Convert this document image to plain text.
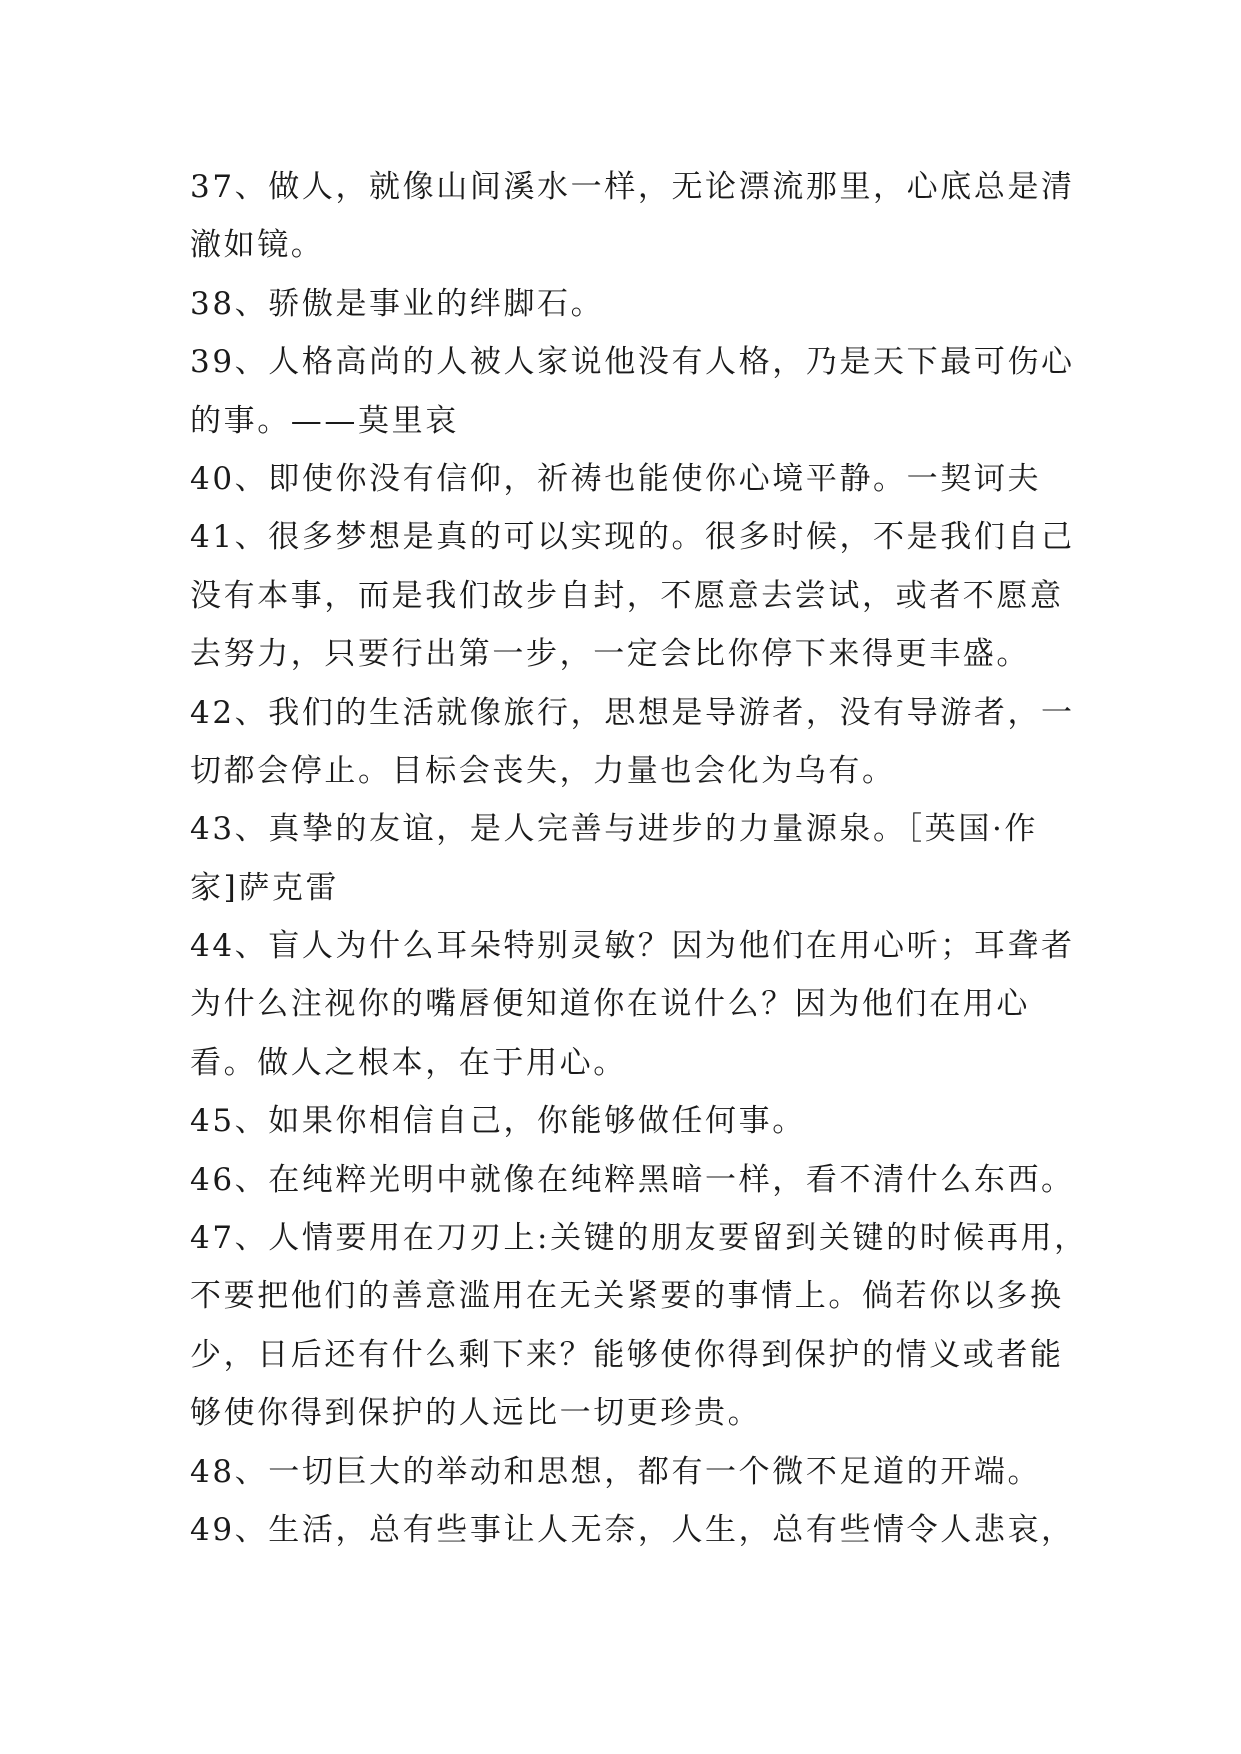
37、做人，就像山间溪水一样，无论漂流那里，心底总是清
澈如镜。
38、骄傲是事业的绊脚石。
39、人格高尚的人被人家说他没有人格，乃是天下最可伤心
的事。——莫里哀
40、即使你没有信仰，祈祷也能使你心境平静。一契诃夫
41、很多梦想是真的可以实现的。很多时候，不是我们自己
没有本事，而是我们故步自封，不愿意去尝试，或者不愿意
去努力，只要行出第一步，一定会比你停下来得更丰盛。
42、我们的生活就像旅行，思想是导游者，没有导游者，一
切都会停止。目标会丧失，力量也会化为乌有。
43、真挚的友谊，是人完善与进步的力量源泉。［英国·作
家]萨克雷
44、盲人为什么耳朵特别灵敏？因为他们在用心听；耳聋者
为什么注视你的嘴唇便知道你在说什么？因为他们在用心
看。做人之根本，在于用心。
45、如果你相信自己，你能够做任何事。
46、在纯粹光明中就像在纯粹黑暗一样，看不清什么东西。
47、人情要用在刀刃上:关键的朋友要留到关键的时候再用，
不要把他们的善意滥用在无关紧要的事情上。倘若你以多换
少，日后还有什么剩下来？能够使你得到保护的情义或者能
够使你得到保护的人远比一切更珍贵。
48、一切巨大的举动和思想，都有一个微不足道的开端。
49、生活，总有些事让人无奈，人生，总有些情令人悲哀，
